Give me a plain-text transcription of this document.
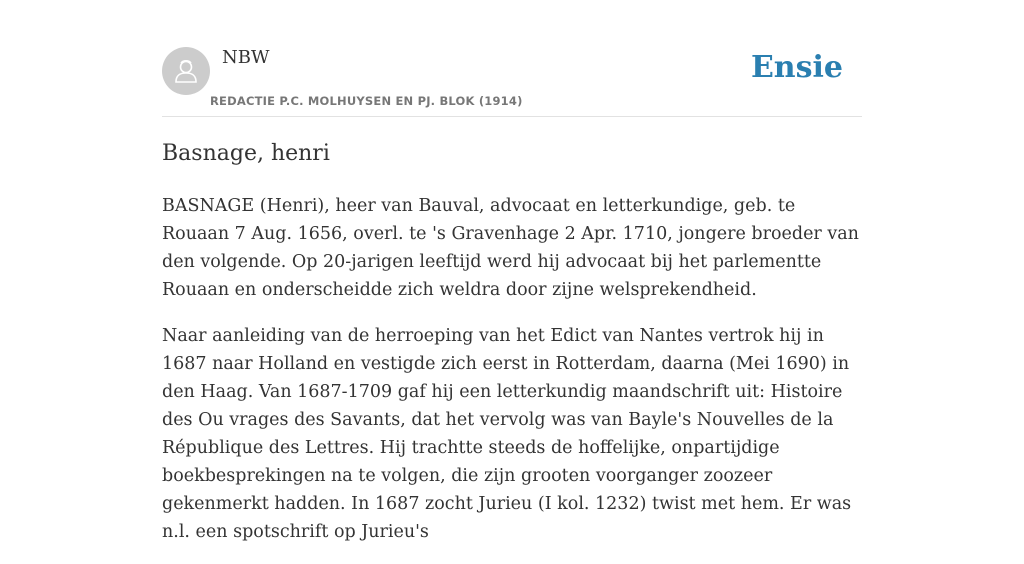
NBW
REDACTIE P.C. MOLHUYSEN EN PJ. BLOK (1914)
Ensie
Basnage, henri

BASNAGE (Henri), heer van Bauval, advocaat en letterkundige, geb. te Rouaan 7 Aug. 1656, overl. te 's Gravenhage 2 Apr. 1710, jongere broeder van den volgende. Op 20-jarigen leeftijd werd hij advocaat bij het parlementte Rouaan en onderscheidde zich weldra door zijne welsprekendheid.

Naar aanleiding van de herroeping van het Edict van Nantes vertrok hij in 1687 naar Holland en vestigde zich eerst in Rotterdam, daarna (Mei 1690) in den Haag. Van 1687-1709 gaf hij een letterkundig maandschrift uit: Histoire des Ou vrages des Savants, dat het vervolg was van Bayle's Nouvelles de la République des Lettres. Hij trachtte steeds de hoffelijke, onpartijdige boekbesprekingen na te volgen, die zijn grooten voorganger zoozeer gekenmerkt hadden. In 1687 zocht Jurieu (I kol. 1232) twist met hem. Er was n.l. een spotschrift op Jurieu's
